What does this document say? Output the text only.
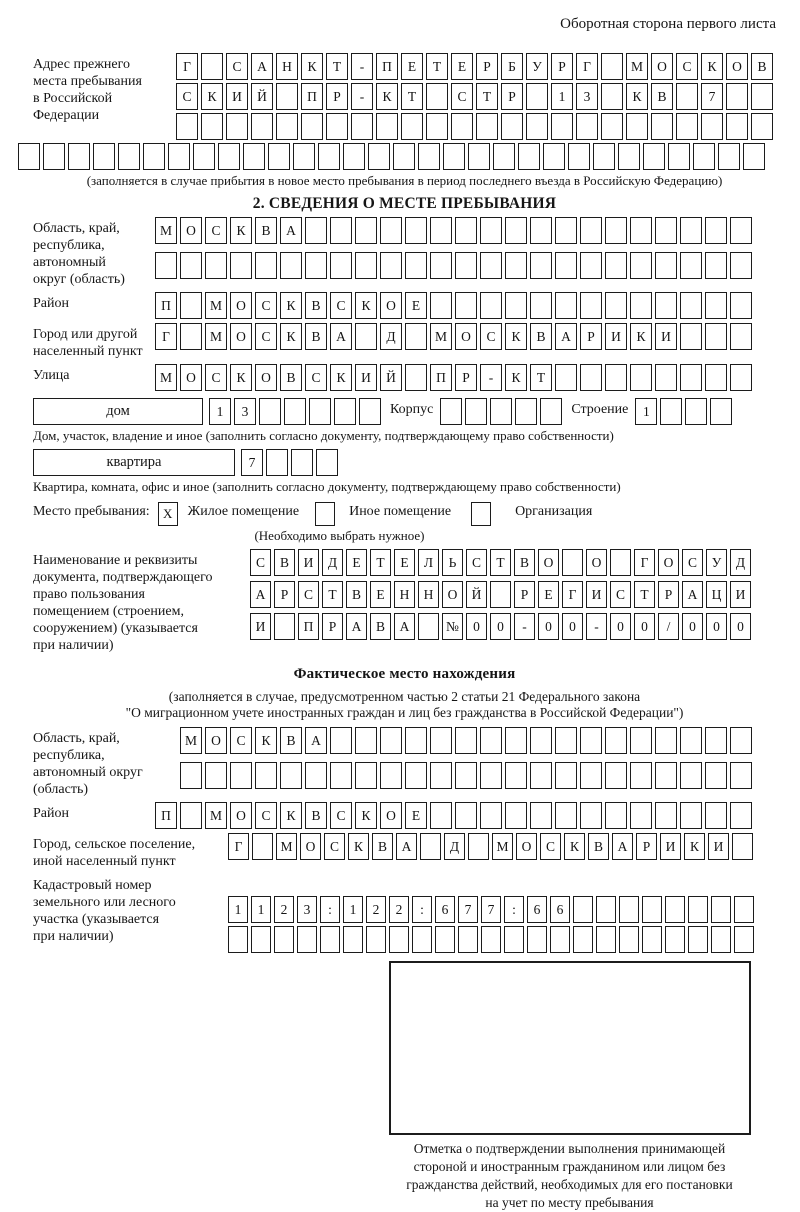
Оборотная сторона первого листа
Адрес прежнего
места пребывания
в Российской
Федерации
Г	С	А	Н	К	Т	-	П	Е	Т	Е	Р	Б	У	Р	Г	М	О	С	К	О	В
С	К	И	Й	П	Р	-	К	Т	С	Т	Р	1	3	К	В	7
(заполняется в случае прибытия в новое место пребывания в период последнего въезда в Российскую Федерацию)
2. СВЕДЕНИЯ О МЕСТЕ ПРЕБЫВАНИЯ
Область, край,
республика,
автономный
округ (область)
М	О	С	К	В	А
Район	П	М	О	С	К	В	С	К	О	Е
Город или другой
населенный пункт
Г	М	О	С	К	В	А	Д	М	О	С	К	В	А	Р	И	К	И
Улица	М	О	С	К	О	В	С	К	И	Й	П	Р	-	К	Т
дом	1	3	Корпус	Строение	1
Дом, участок, владение и иное (заполнить согласно документу, подтверждающему право собственности)
квартира	7
Квартира, комната, офис и иное (заполнить согласно документу, подтверждающему право собственности)
Место пребывания:	X	Жилое помещение	Иное помещение	Организация
(Необходимо выбрать нужное)
Наименование и реквизиты
документа, подтверждающего
право пользования
помещением (строением,
сооружением) (указывается
при наличии)
С	В	И	Д	Е	Т	Е	Л	Ь	С	Т	В	О	О	Г	О	С	У	Д
А	Р	С	Т	В	Е	Н	Н	О	Й	Р	Е	Г	И	С	Т	Р	А	Ц	И
И	П	Р	А	В	А	№	0	0	-	0	0	-	0	0	/	0	0	0
Фактическое место нахождения
(заполняется в случае, предусмотренном частью 2 статьи 21 Федерального закона
"О миграционном учете иностранных граждан и лиц без гражданства в Российской Федерации")
Область, край,
республика,
автономный округ
(область)
М	О	С	К	В	А
Район	П	М	О	С	К	В	С	К	О	Е
Город, сельское поселение,
иной населенный пункт
Г	М О	С	К	В	А	Д	М О	С	К	В	А	Р	И	К	И
Кадастровый номер
земельного или лесного
участка (указывается
при наличии)
1	1	2	3	:	1	2	2	:	6	7	7	:	6	6
Отметка о подтверждении выполнения принимающей
стороной и иностранным гражданином или лицом без
гражданства действий, необходимых для его постановки
на учет по месту пребывания
